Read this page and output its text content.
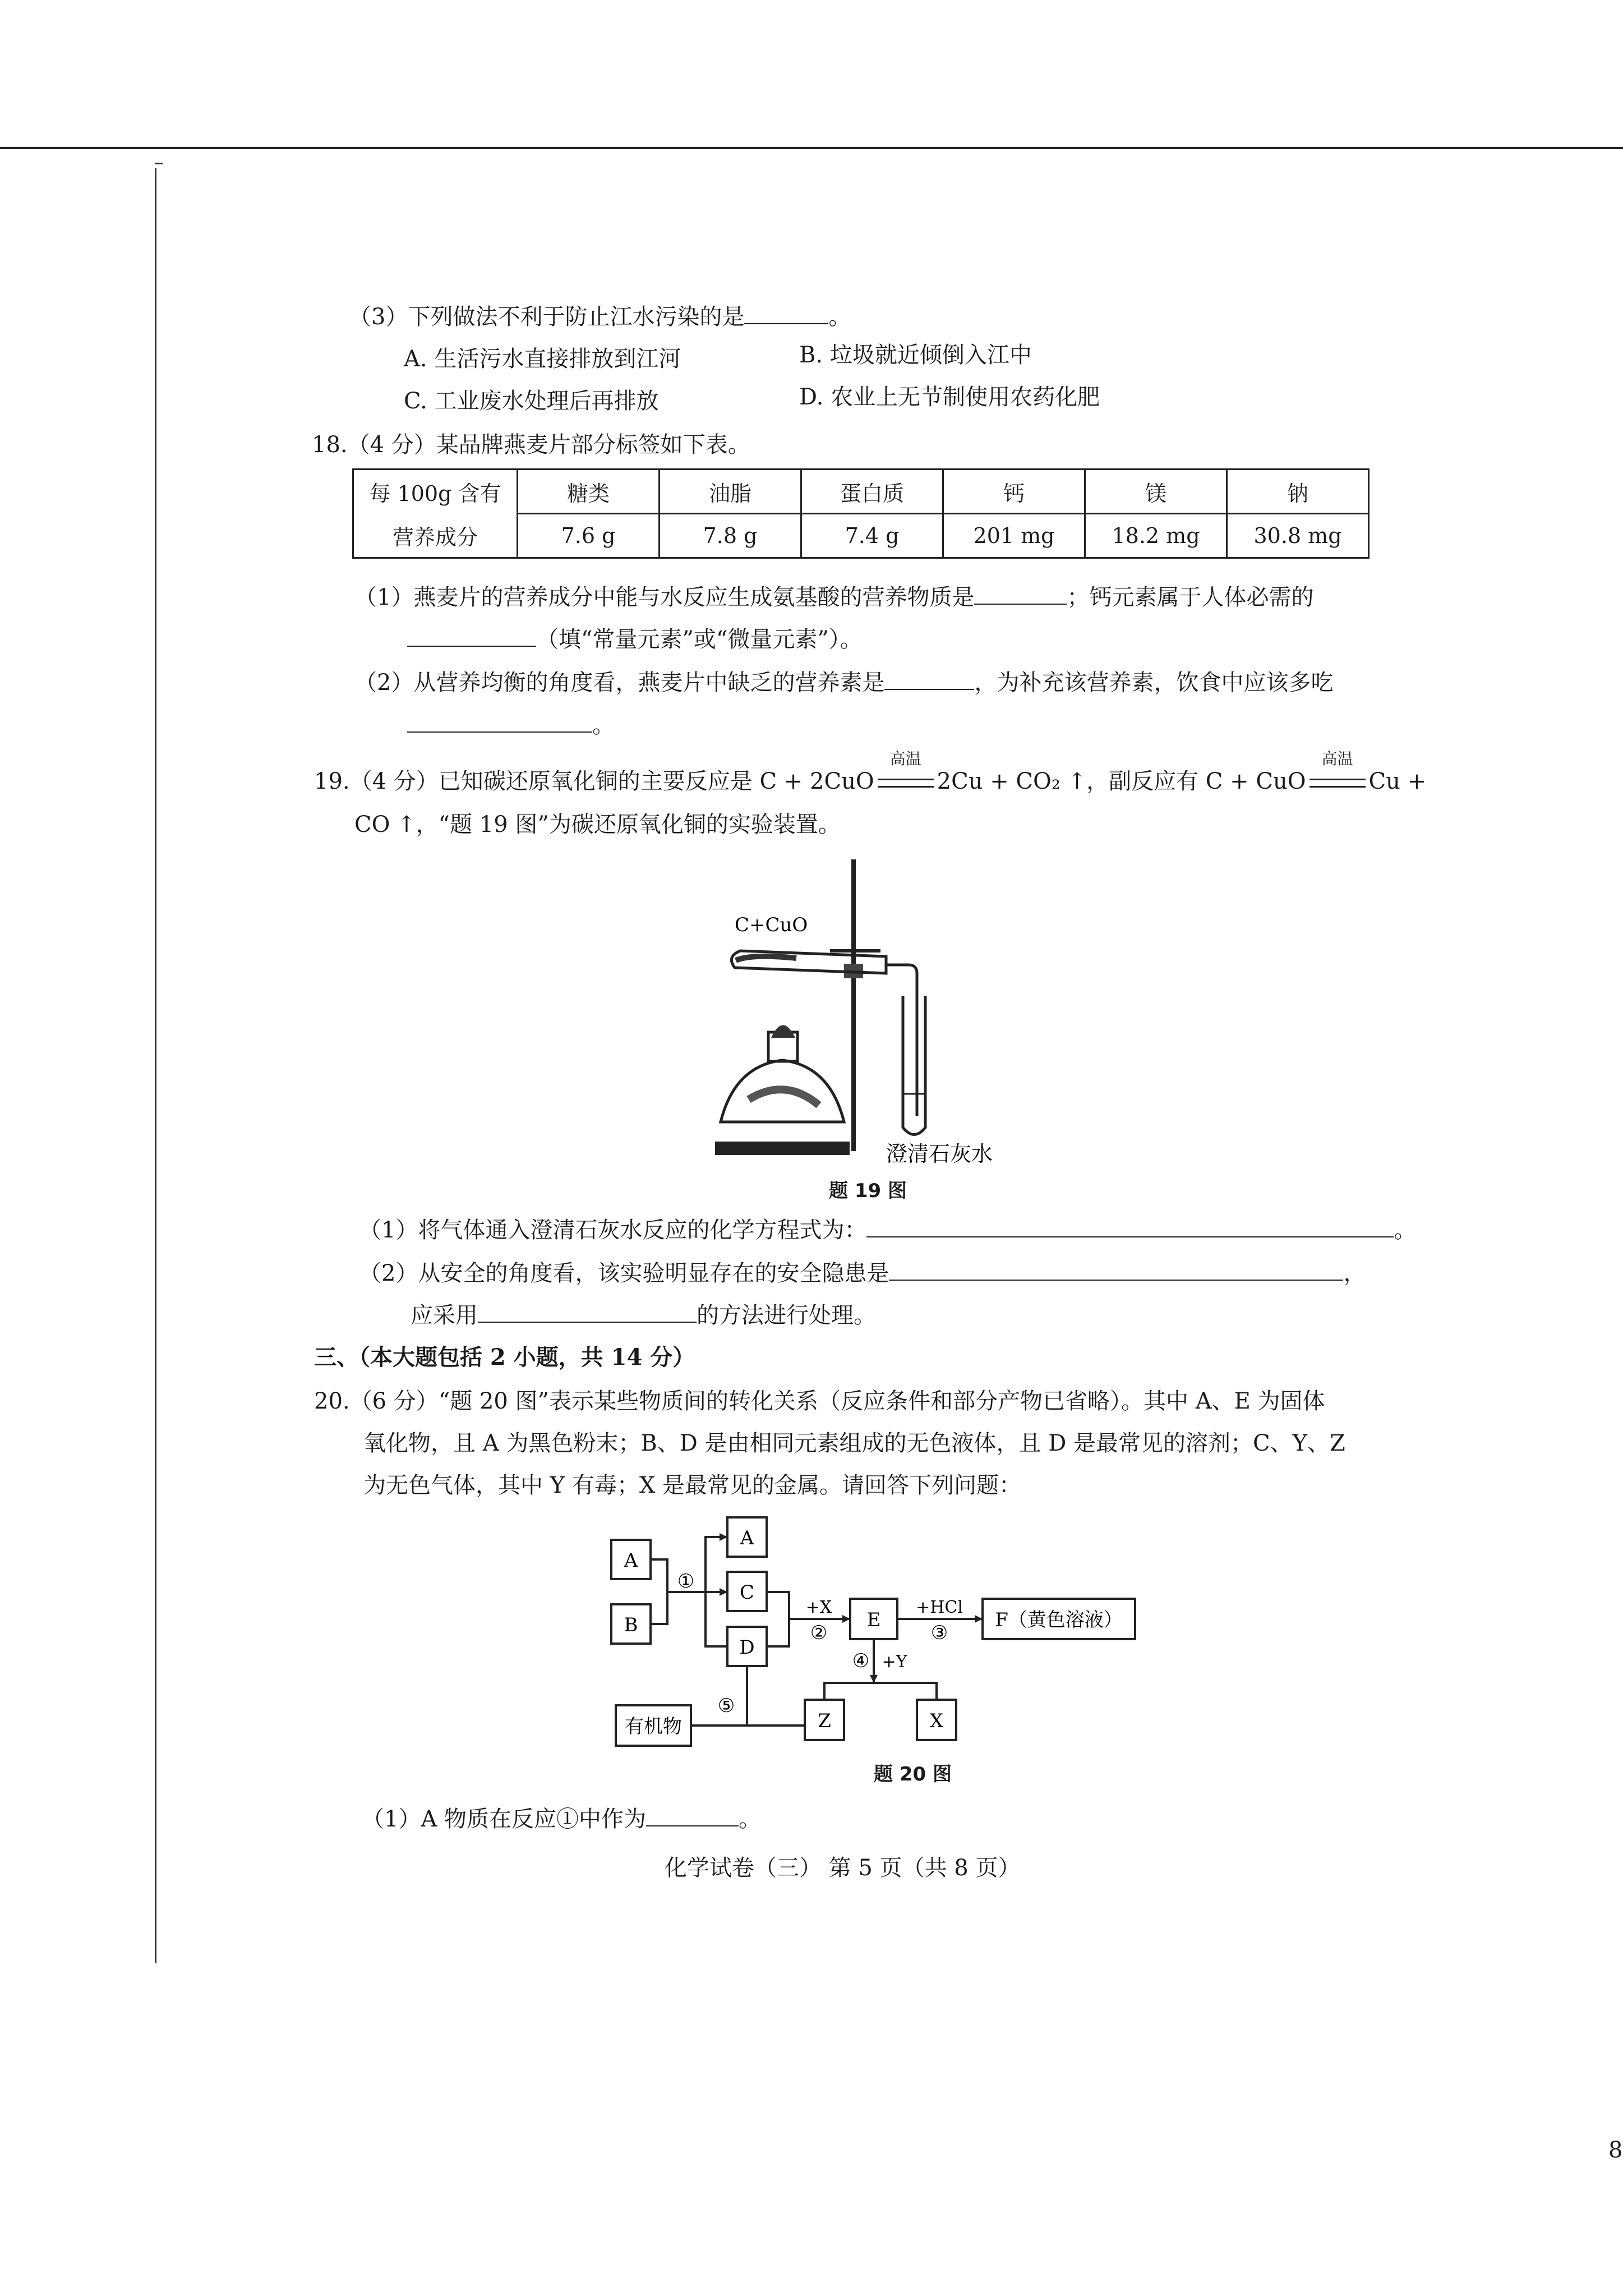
（3）下列做法不利于防止江水污染的是	。
A. 生活污水直接排放到江河	B. 垃圾就近倾倒入江中
C. 工业废水处理后再排放	D. 农业上无节制使用农药化肥
18.（4 分）某品牌燕麦片部分标签如下表。
每 100g 含有	糖类	油脂	蛋白质	钙	镁	钠
营养成分	7.6 g	7.8 g	7.4 g	201 mg	18.2 mg	30.8 mg
（1）燕麦片的营养成分中能与水反应生成氨基酸的营养物质是	；钙元素属于人体必需的
（填“常量元素”或“微量元素”）。
（2）从营养均衡的角度看，燕麦片中缺乏的营养素是	，为补充该营养素，饮食中应该多吃
。
19.（4 分）已知碳还原氧化铜的主要反应是 C + 2CuO
高温
2Cu + CO₂ ↑，副反应有 C + CuO
高温
Cu +
CO ↑，“题 19 图”为碳还原氧化铜的实验装置。
C+CuO
澄清石灰水
题 19 图
（1）将气体通入澄清石灰水反应的化学方程式为：	。
（2）从安全的角度看，该实验明显存在的安全隐患是	，
应采用	的方法进行处理。
三、（本大题包括 2 小题，共 14 分）
20.（6 分）“题 20 图”表示某些物质间的转化关系（反应条件和部分产物已省略）。其中 A、E 为固体
氧化物，且 A 为黑色粉末；B、D 是由相同元素组成的无色液体，且 D 是最常见的溶剂；C、Y、Z
为无色气体，其中 Y 有毒；X 是最常见的金属。请回答下列问题：
A
B
A
C
D
E	F（黄色溶液）
有机物	Z	X
①
+X
②
+HCl
③
④ +Y
⑤
题 20 图
（1）A 物质在反应①中作为	。
化学试卷（三） 第 5 页（共 8 页）
8
